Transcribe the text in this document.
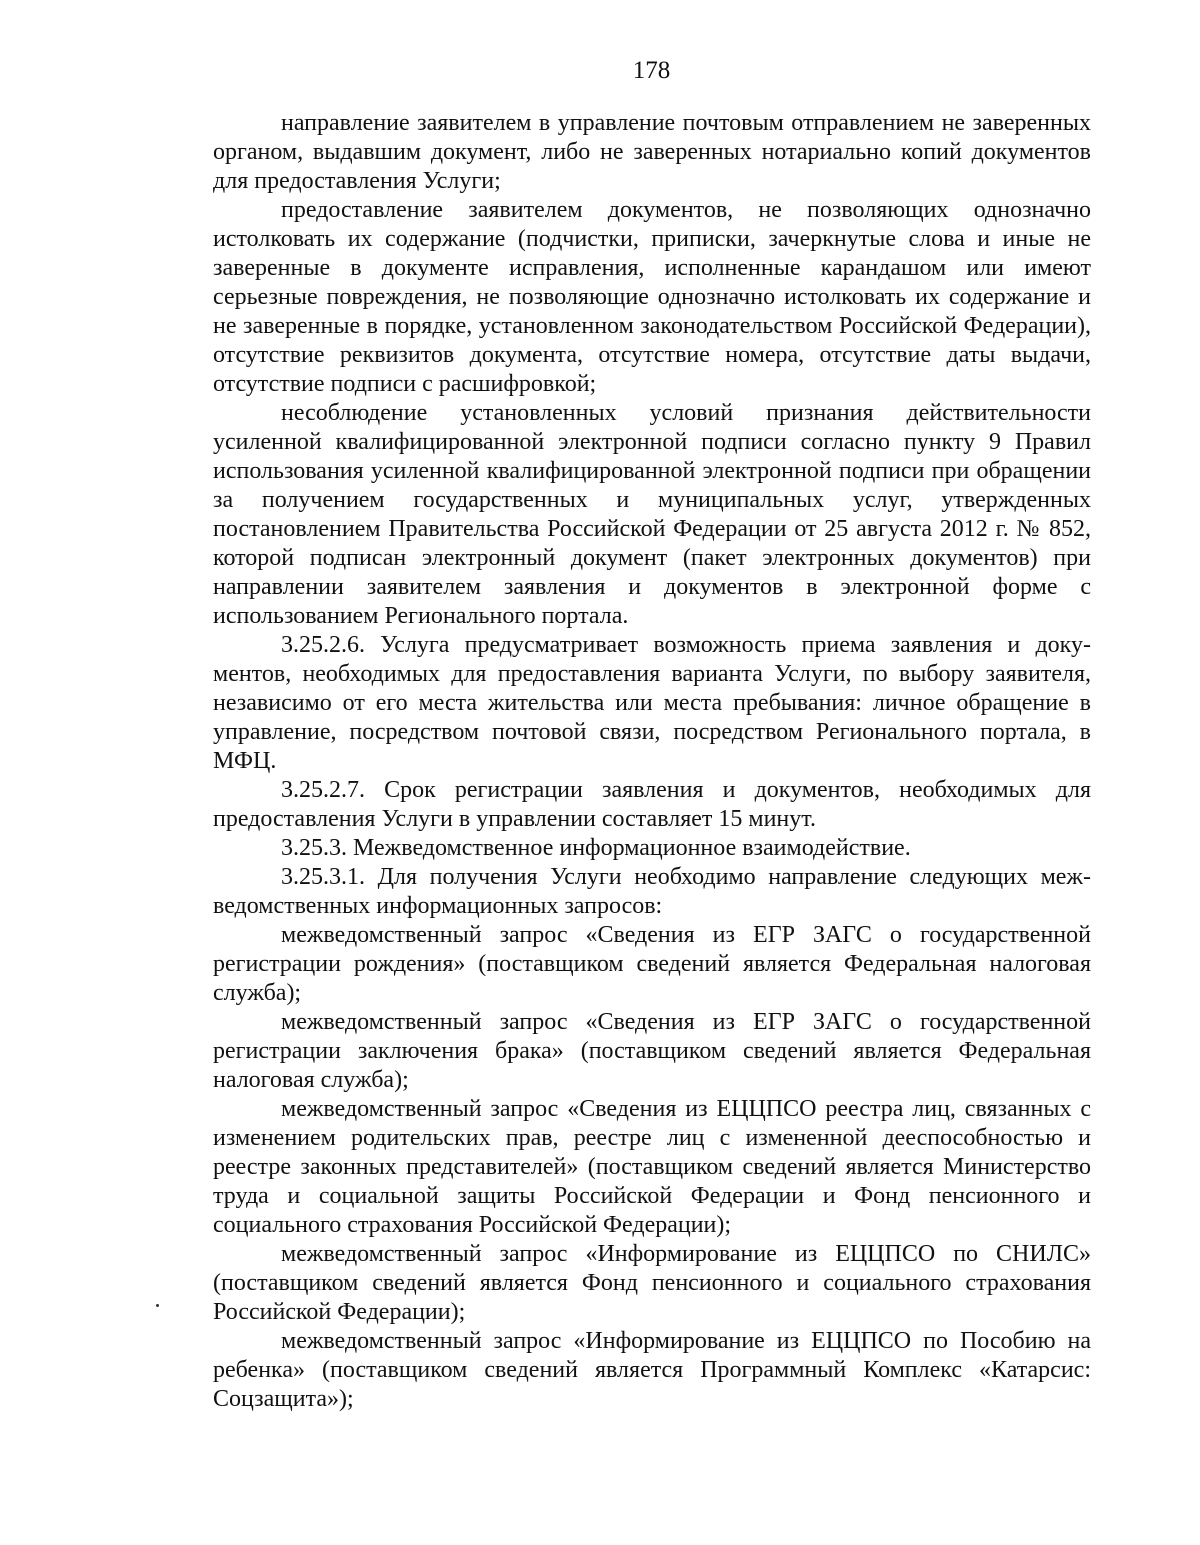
178

направление заявителем в управление почтовым отправлением не заверенных органом, выдавшим документ, либо не заверенных нотариально копий документов для предоставления Услуги;

предоставление заявителем документов, не позволяющих однозначно истолковать их содержание (подчистки, приписки, зачеркнутые слова и иные не заверенные в документе исправления, исполненные карандашом или имеют серьезные повреждения, не позволяющие однозначно истолковать их содержание и не заверенные в порядке, установленном законодательством Российской Федерации), отсутствие реквизитов документа, отсутствие номера, отсутствие даты выдачи, отсутствие подписи с расшифровкой;

несоблюдение установленных условий признания действительности усиленной квалифицированной электронной подписи согласно пункту 9 Правил использования усиленной квалифицированной электронной подписи при обращении за получением государственных и муниципальных услуг, утвержденных постановлением Правительства Российской Федерации от 25 августа 2012 г. № 852, которой подписан электронный документ (пакет электронных документов) при направлении заявителем заявления и документов в электронной форме с использованием Регионального портала.

3.25.2.6. Услуга предусматривает возможность приема заявления и документов, необходимых для предоставления варианта Услуги, по выбору заявителя, независимо от его места жительства или места пребывания: личное обращение в управление, посредством почтовой связи, посредством Регионального портала, в МФЦ.

3.25.2.7. Срок регистрации заявления и документов, необходимых для предоставления Услуги в управлении составляет 15 минут.

3.25.3. Межведомственное информационное взаимодействие.

3.25.3.1. Для получения Услуги необходимо направление следующих межведомственных информационных запросов:

межведомственный запрос «Сведения из ЕГР ЗАГС о государственной регистрации рождения» (поставщиком сведений является Федеральная налоговая служба);

межведомственный запрос «Сведения из ЕГР ЗАГС о государственной регистрации заключения брака» (поставщиком сведений является Федеральная налоговая служба);

межведомственный запрос «Сведения из ЕЦЦПСО реестра лиц, связанных с изменением родительских прав, реестре лиц с измененной дееспособностью и реестре законных представителей» (поставщиком сведений является Министерство труда и социальной защиты Российской Федерации и Фонд пенсионного и социального страхования Российской Федерации);

межведомственный запрос «Информирование из ЕЦЦПСО по СНИЛС» (поставщиком сведений является Фонд пенсионного и социального страхования Российской Федерации);

межведомственный запрос «Информирование из ЕЦЦПСО по Пособию на ребенка» (поставщиком сведений является Программный Комплекс «Катарсис: Соцзащита»);
